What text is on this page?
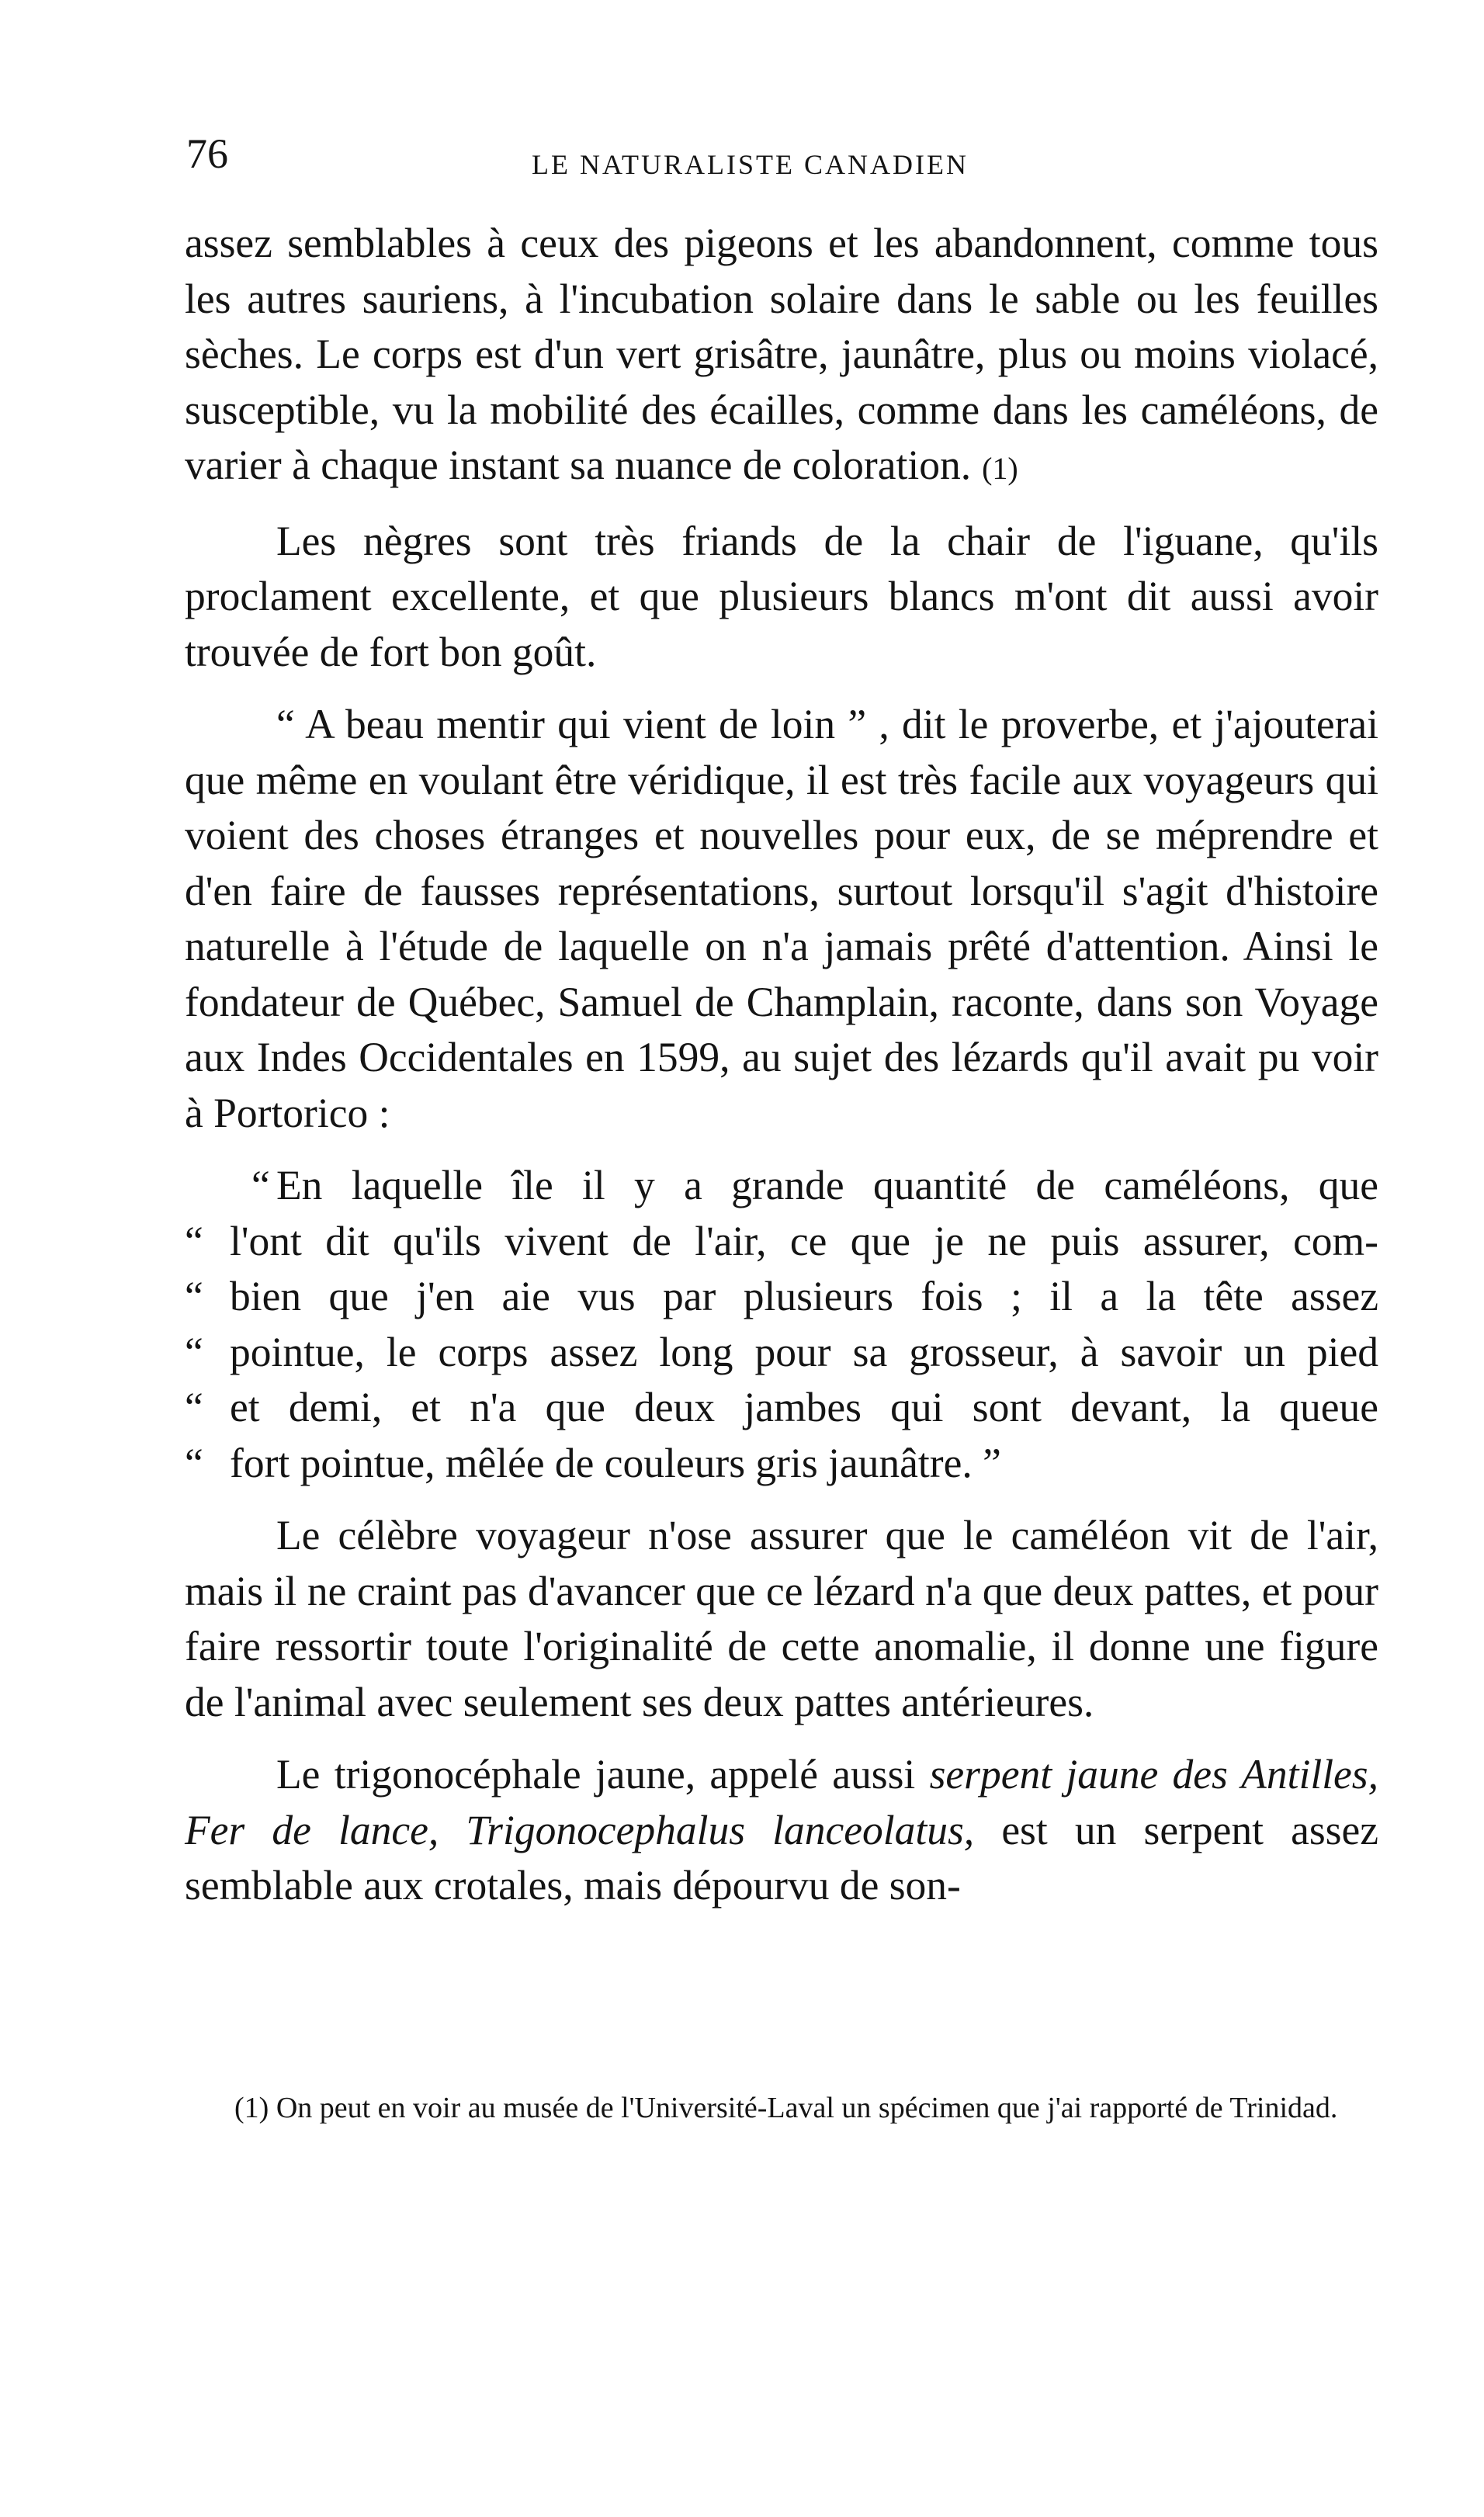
76	LE NATURALISTE CANADIEN

assez semblables à ceux des pigeons et les abandonnent, comme tous les autres sauriens, à l'incubation solaire dans le sable ou les feuilles sèches. Le corps est d'un vert grisâtre, jaunâtre, plus ou moins violacé, susceptible, vu la mobilité des écailles, comme dans les caméléons, de varier à chaque instant sa nuance de coloration. (1)

Les nègres sont très friands de la chair de l'iguane, qu'ils proclament excellente, et que plusieurs blancs m'ont dit aussi avoir trouvée de fort bon goût.

“ A beau mentir qui vient de loin ” , dit le proverbe, et j'ajouterai que même en voulant être véridique, il est très facile aux voyageurs qui voient des choses étranges et nouvelles pour eux, de se méprendre et d'en faire de fausses représentations, surtout lorsqu'il s'agit d'histoire naturelle à l'étude de laquelle on n'a jamais prêté d'attention. Ainsi le fondateur de Québec, Samuel de Champlain, raconte, dans son Voyage aux Indes Occidentales en 1599, au sujet des lézards qu'il avait pu voir à Portorico :

“ En laquelle île il y a grande quantité de caméléons, que
“ l'ont dit qu'ils vivent de l'air, ce que je ne puis assurer, com-
“ bien que j'en aie vus par plusieurs fois ; il a la tête assez
“ pointue, le corps assez long pour sa grosseur, à savoir un pied
“ et demi, et n'a que deux jambes qui sont devant, la queue
“ fort pointue, mêlée de couleurs gris jaunâtre. ”

Le célèbre voyageur n'ose assurer que le caméléon vit de l'air, mais il ne craint pas d'avancer que ce lézard n'a que deux pattes, et pour faire ressortir toute l'originalité de cette anomalie, il donne une figure de l'animal avec seulement ses deux pattes antérieures.

Le trigonocéphale jaune, appelé aussi serpent jaune des Antilles, Fer de lance, Trigonocephalus lanceolatus, est un serpent assez semblable aux crotales, mais dépourvu de son-

(1) On peut en voir au musée de l'Université-Laval un spécimen que j'ai rapporté de Trinidad.
